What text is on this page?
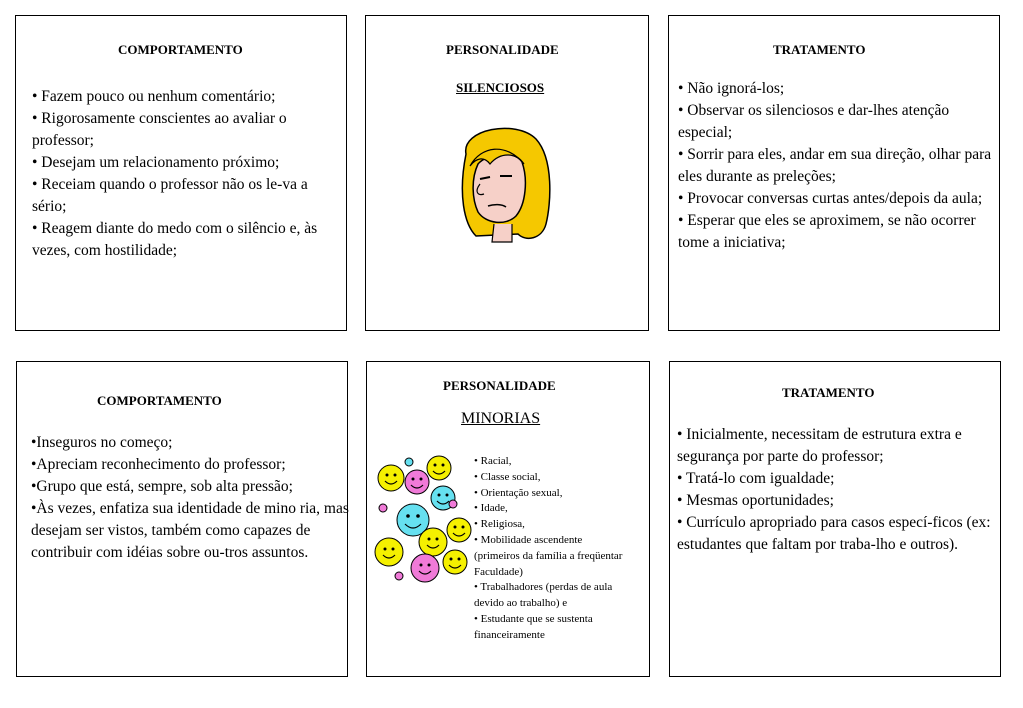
COMPORTAMENTO
• Fazem pouco ou nenhum comentário;
• Rigorosamente conscientes ao avaliar o professor;
• Desejam um relacionamento próximo;
• Receiam quando o professor não os le-va a sério;
• Reagem diante do medo com o silêncio e, às vezes, com hostilidade;
PERSONALIDADE
SILENCIOSOS
TRATAMENTO
• Não ignorá-los;
• Observar os silenciosos e dar-lhes atenção
especial;
• Sorrir para eles, andar em sua direção, olhar para eles durante as preleções;
• Provocar conversas curtas antes/depois da aula;
• Esperar que eles se aproximem, se não ocorrer tome a iniciativa;
COMPORTAMENTO
•Inseguros no começo;
•Apreciam reconhecimento do professor;
•Grupo que está, sempre, sob alta pressão;
•Às vezes, enfatiza sua identidade de mino ria, mas desejam ser vistos, também como capazes de contribuir com idéias sobre ou-tros assuntos.
PERSONALIDADE
MINORIAS
• Racial,
• Classe social,
• Orientação sexual,
• Idade,
• Religiosa,
• Mobilidade ascendente (primeiros da família a freqüentar Faculdade)
• Trabalhadores (perdas de aula devido ao trabalho) e
• Estudante que se sustenta financeiramente
TRATAMENTO
• Inicialmente, necessitam de estrutura extra e segurança por parte do professor;
• Tratá-lo com igualdade;
• Mesmas oportunidades;
• Currículo apropriado para casos especí-ficos (ex: estudantes que faltam por traba-lho e outros).
